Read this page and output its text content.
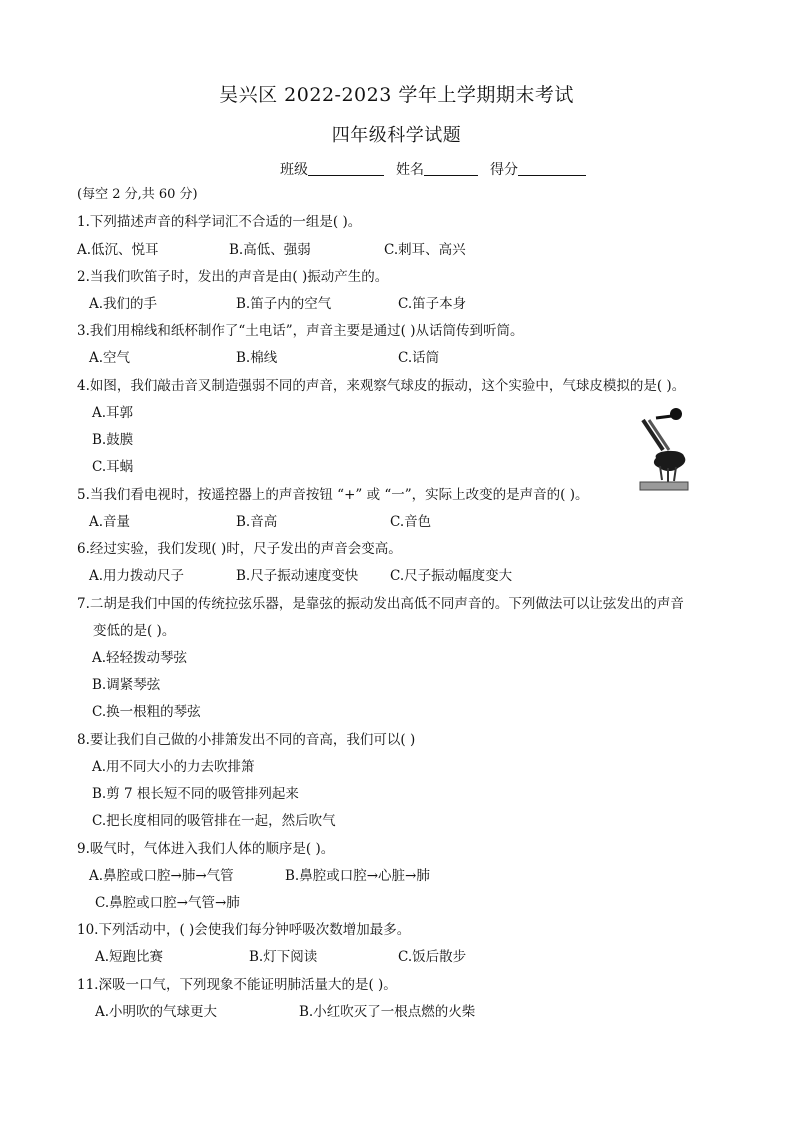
吴兴区 2022-2023 学年上学期期末考试
四年级科学试题
班级	姓名	得分
(每空 2 分,共 60 分)
1.下列描述声音的科学词汇不合适的一组是( )。
A.低沉、悦耳	B.高低、强弱	C.刺耳、高兴
2.当我们吹笛子时，发出的声音是由( )振动产生的。
A.我们的手	B.笛子内的空气	C.笛子本身
3.我们用棉线和纸杯制作了“土电话”，声音主要是通过( )从话筒传到听筒。
A.空气	B.棉线	C.话筒
4.如图，我们敲击音叉制造强弱不同的声音，来观察气球皮的振动，这个实验中，气球皮模拟的是( )。
A.耳郭
B.鼓膜
C.耳蜗
5.当我们看电视时，按遥控器上的声音按钮 “+” 或 “一”，实际上改变的是声音的( )。
A.音量	B.音高	C.音色
6.经过实验，我们发现( )时，尺子发出的声音会变高。
A.用力拨动尺子	B.尺子振动速度变快 C.尺子振动幅度变大
7.二胡是我们中国的传统拉弦乐器，是靠弦的振动发出高低不同声音的。下列做法可以让弦发出的声音
变低的是( )。
A.轻轻拨动琴弦
B.调紧琴弦
C.换一根粗的琴弦
8.要让我们自己做的小排箫发出不同的音高，我们可以( )
A.用不同大小的力去吹排箫
B.剪 7 根长短不同的吸管排列起来
C.把长度相同的吸管排在一起，然后吹气
9.吸气时，气体进入我们人体的顺序是( )。
A.鼻腔或口腔→肺→气管	B.鼻腔或口腔→心脏→肺
C.鼻腔或口腔→气管→肺
10.下列活动中，( )会使我们每分钟呼吸次数增加最多。
A.短跑比赛	B.灯下阅读	C.饭后散步
11.深吸一口气，下列现象不能证明肺活量大的是( )。
A.小明吹的气球更大	B.小红吹灭了一根点燃的火柴
